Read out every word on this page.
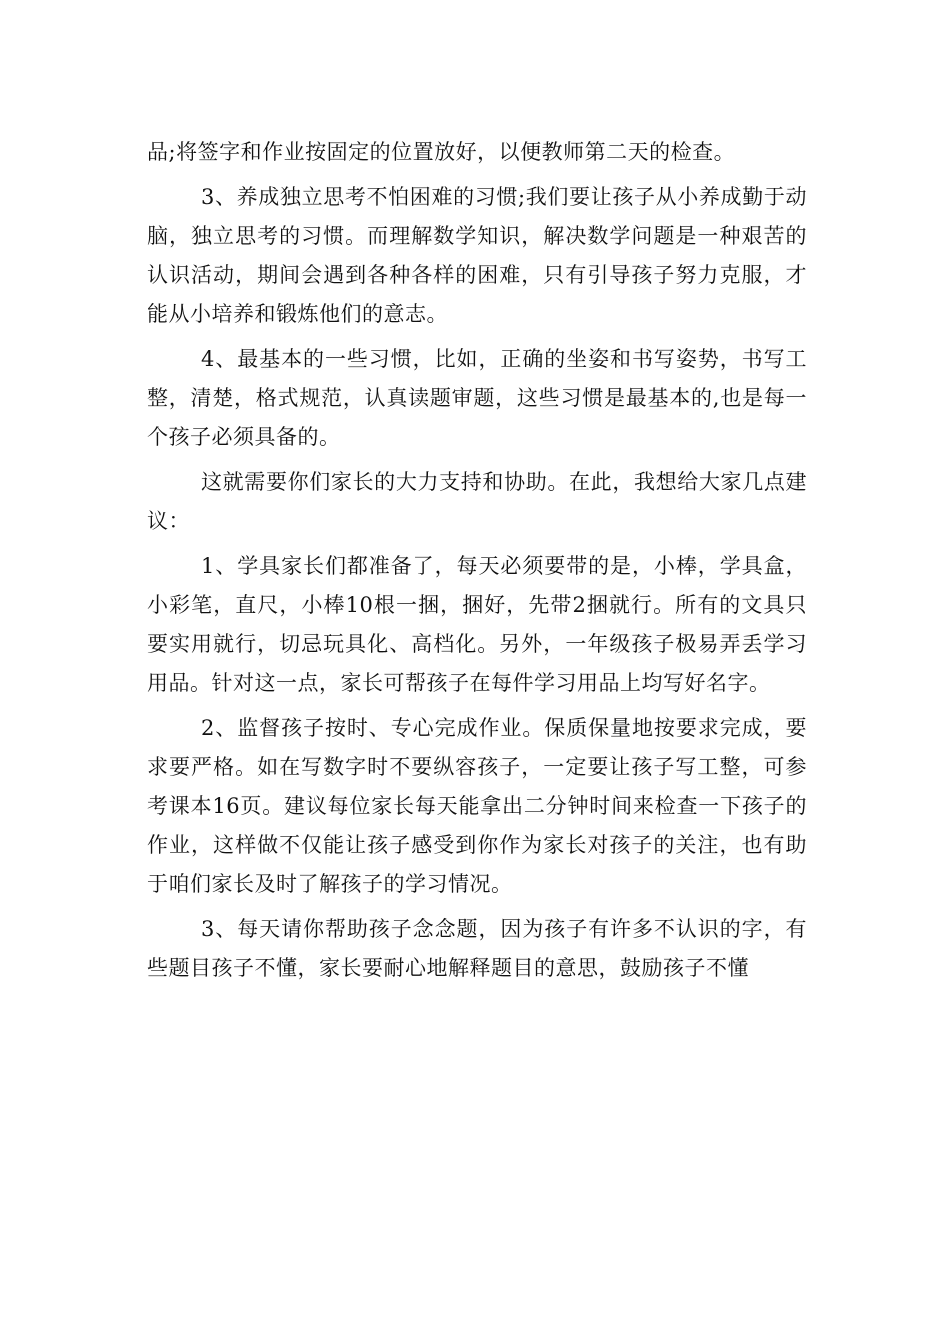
品;将签字和作业按固定的位置放好，以便教师第二天的检查。

3、养成独立思考不怕困难的习惯;我们要让孩子从小养成勤于动脑，独立思考的习惯。而理解数学知识，解决数学问题是一种艰苦的认识活动，期间会遇到各种各样的困难，只有引导孩子努力克服，才能从小培养和锻炼他们的意志。

4、最基本的一些习惯，比如，正确的坐姿和书写姿势，书写工整，清楚，格式规范，认真读题审题，这些习惯是最基本的,也是每一个孩子必须具备的。

这就需要你们家长的大力支持和协助。在此，我想给大家几点建议：

1、学具家长们都准备了，每天必须要带的是，小棒，学具盒，小彩笔，直尺，小棒10根一捆，捆好，先带2捆就行。所有的文具只要实用就行，切忌玩具化、高档化。另外，一年级孩子极易弄丢学习用品。针对这一点，家长可帮孩子在每件学习用品上均写好名字。

2、监督孩子按时、专心完成作业。保质保量地按要求完成，要求要严格。如在写数字时不要纵容孩子，一定要让孩子写工整，可参考课本16页。建议每位家长每天能拿出二分钟时间来检查一下孩子的作业，这样做不仅能让孩子感受到你作为家长对孩子的关注，也有助于咱们家长及时了解孩子的学习情况。

3、每天请你帮助孩子念念题，因为孩子有许多不认识的字，有些题目孩子不懂，家长要耐心地解释题目的意思，鼓励孩子不懂
